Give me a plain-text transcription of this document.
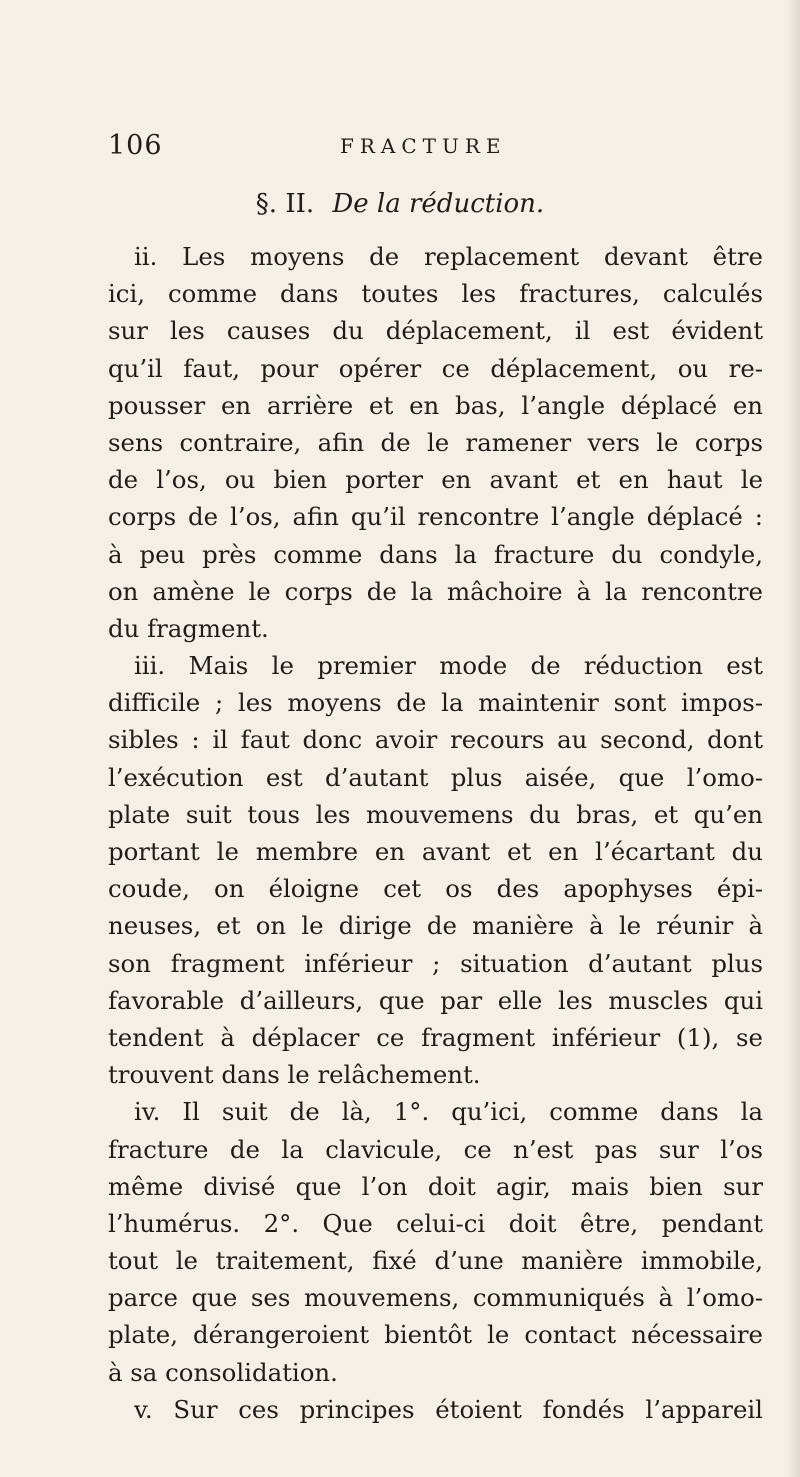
106	FRACTURE
§. II. De la réduction.
ii. Les moyens de replacement devant être
ici, comme dans toutes les fractures, calculés
sur les causes du déplacement, il est évident
qu’il faut, pour opérer ce déplacement, ou re-
pousser en arrière et en bas, l’angle déplacé en
sens contraire, afin de le ramener vers le corps
de l’os, ou bien porter en avant et en haut le
corps de l’os, afin qu’il rencontre l’angle déplacé :
à peu près comme dans la fracture du condyle,
on amène le corps de la mâchoire à la rencontre
du fragment.
iii. Mais le premier mode de réduction est
difficile ; les moyens de la maintenir sont impos-
sibles : il faut donc avoir recours au second, dont
l’exécution est d’autant plus aisée, que l’omo-
plate suit tous les mouvemens du bras, et qu’en
portant le membre en avant et en l’écartant du
coude, on éloigne cet os des apophyses épi-
neuses, et on le dirige de manière à le réunir à
son fragment inférieur ; situation d’autant plus
favorable d’ailleurs, que par elle les muscles qui
tendent à déplacer ce fragment inférieur (1), se
trouvent dans le relâchement.
iv. Il suit de là, 1°. qu’ici, comme dans la
fracture de la clavicule, ce n’est pas sur l’os
même divisé que l’on doit agir, mais bien sur
l’humérus. 2°. Que celui-ci doit être, pendant
tout le traitement, fixé d’une manière immobile,
parce que ses mouvemens, communiqués à l’omo-
plate, dérangeroient bientôt le contact nécessaire
à sa consolidation.
v. Sur ces principes étoient fondés l’appareil
